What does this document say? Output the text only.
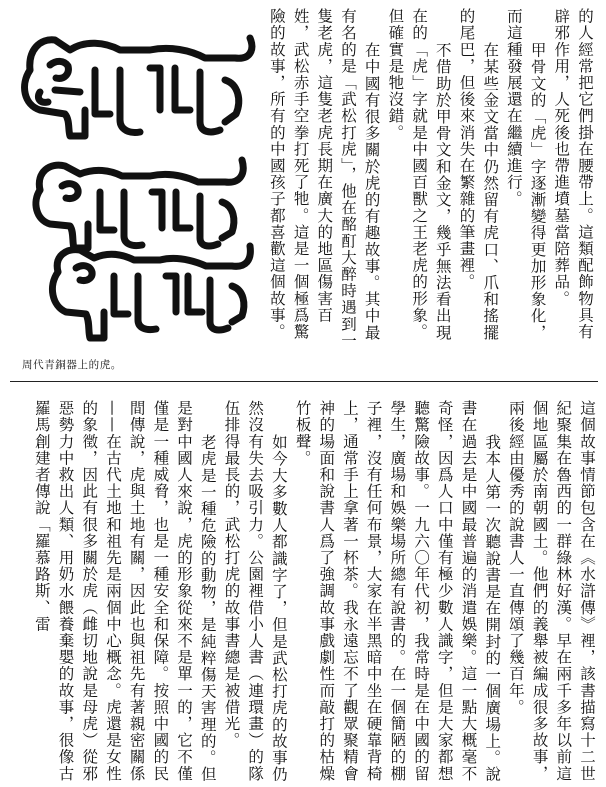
周代青銅器上的虎。

的人經常把它們掛在腰帶上。這類配飾物具有辟邪作用，人死後也帶進墳墓當陪葬品。

甲骨文的「虎」字逐漸變得更加形象化，而這種發展還在繼續進行。

在某些金文當中仍然留有虎口、爪和搖擺的尾巴，但後來消失在繁雜的筆畫裡。

不借助於甲骨文和金文，幾乎無法看出現在的「虎」字就是中國百獸之王老虎的形象。但確實是牠沒錯。

在中國有很多關於虎的有趣故事。其中最有名的是「武松打虎」，他在酩酊大醉時遇到一隻老虎，這隻老虎長期在廣大的地區傷害百姓，武松赤手空拳打死了牠。這是一個極爲驚險的故事，所有的中國孩子都喜歡這個故事。

這個故事情節包含在《水滸傳》裡，該書描寫十二世紀聚集在魯西的一群綠林好漢。早在兩千多年以前這個地區屬於南朝國土。他們的義舉被編成很多故事，兩後經由優秀的說書人一直傳頌了幾百年。

我本人第一次聽說書是在開封的一個廣場上。說書在過去是中國最普遍的消遣娛樂。這一點大概毫不奇怪，因爲人口中僅有極少數人識字，但是大家都想聽驚險故事。一九六〇年代初，我常時是在中國的留學生，廣場和娛樂場所總有說書的。在一個簡陋的棚子裡，沒有任何布景，大家在半黑暗中坐在硬靠背椅上，通常手上拿著一杯茶。我永遠忘不了觀眾聚精會神的場面和說書人爲了強調故事戲劇性而敲打的枯燥竹板聲。

如今大多數人都識字了，但是武松打虎的故事仍然沒有失去吸引力。公園裡借小人書（連環畫）的隊伍排得最長的，武松打虎的故事書總是被借光。

老虎是一種危險的動物，是純粹傷天害理的。但是對中國人來說，虎的形象從來不是單一的，它不僅僅是一種威脅，也是一種安全和保障。按照中國的民間傳說，虎與土地有關，因此也與祖先有著親密關係——在古代土地和祖先是兩個中心概念。虎還是女性的象徵，因此有很多關於虎（雌切地說是母虎）從邪惡勢力中救出人類、用奶水餵養棄嬰的故事，很像古羅馬創建者傳說「羅慕路斯、雷
